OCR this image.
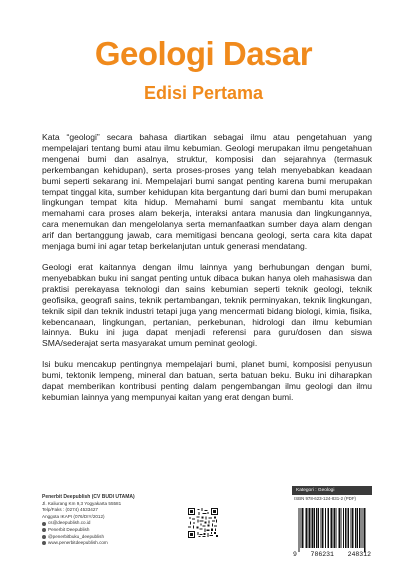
Geologi Dasar
Edisi Pertama

Kata “geologi” secara bahasa diartikan sebagai ilmu atau pengetahuan yang mempelajari tentang bumi atau ilmu kebumian. Geologi merupakan ilmu pengetahuan mengenai bumi dan asalnya, struktur, komposisi dan sejarahnya (termasuk perkembangan kehidupan), serta proses-proses yang telah menyebabkan keadaan bumi seperti sekarang ini. Mempelajari bumi sangat penting karena bumi merupakan tempat tinggal kita, sumber kehidupan kita bergantung dari bumi dan bumi merupakan lingkungan tempat kita hidup. Memahami bumi sangat membantu kita untuk memahami cara proses alam bekerja, interaksi antara manusia dan lingkungannya, cara menemukan dan mengelolanya serta memanfaatkan sumber daya alam dengan arif dan bertanggung jawab, cara memitigasi bencana geologi, serta cara kita dapat menjaga bumi ini agar tetap berkelanjutan untuk generasi mendatang.

Geologi erat kaitannya dengan ilmu lainnya yang berhubungan dengan bumi, menyebabkan buku ini sangat penting untuk dibaca bukan hanya oleh mahasiswa dan praktisi perekayasa teknologi dan sains kebumian seperti teknik geologi, teknik geofisika, geografi sains, teknik pertambangan, teknik perminyakan, teknik lingkungan, teknik sipil dan teknik industri tetapi juga yang mencermati bidang biologi, kimia, fisika, kebencanaan, lingkungan, pertanian, perkebunan, hidrologi dan ilmu kebumian lainnya. Buku ini juga dapat menjadi referensi para guru/dosen dan siswa SMA/sederajat serta masyarakat umum peminat geologi.

Isi buku mencakup pentingnya mempelajari bumi, planet bumi, komposisi penyusun bumi, tektonik lempeng, mineral dan batuan, serta batuan beku. Buku ini diharapkan dapat memberikan kontribusi penting dalam pengembangan ilmu geologi dan ilmu kebumian lainnya yang mempunyai kaitan yang erat dengan bumi.

Penerbit Deepublish (CV BUDI UTAMA)
Jl. Kaliurang Km 9,3 Yogyakarta 55581
Telp/Faks : (0274) 4533427
Anggota IKAPI (076/DIY/2012)
cs@deepublish.co.id
Penerbit Deepublish
@penerbitbuku_deepublish
www.penerbitdeepublish.com
Kategori : Geologi
ISBN 978-623-124-831-2 (PDF)
9 786231 248312
